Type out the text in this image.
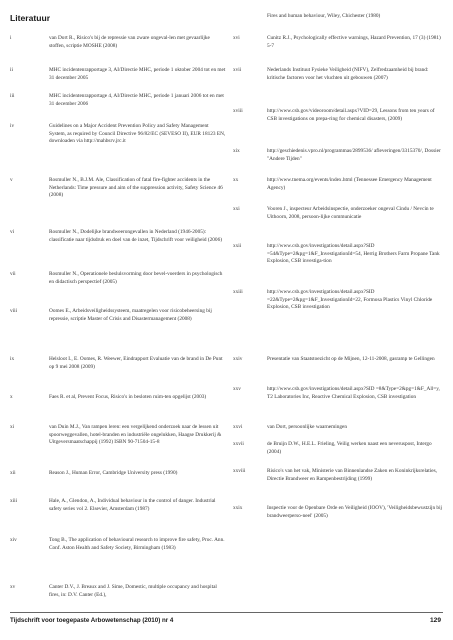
Literatuur
i	van Dort R., Risico's bij de repressie van zware ongeval-len met gevaarlijke stoffen, scriptie MOSHE (2008)
ii	MHC incidentenrapportage 3, AI/Directie MHC, periode 1 oktober 2004 tot en met 31 december 2005
iii	MHC incidentenrapportage 4, AI/Directie MHC, periode 1 januari 2006 tot en met 31 december 2006
iv	Guidelines on a Major Accident Prevention Policy and Safety Management System, as required by Council Directive 96/82/EC (SEVESO II), EUR 18123 EN, downloaden via http://mahbsrv.jrc.it
v	Rosmuller N., B.J.M. Ale, Classification of fatal fire-fighter accidents in the Netherlands: Time pressure and aim of the suppression activity, Safety Science 46 (2008)
vi	Rosmuller N., Dodelijke brandweerongevallen in Nederland (1946-2005): classificatie naar tijdsdruk en doel van de inzet, Tijdschrift voor veiligheid (2006)
vii	Rosmuller N., Operationele beslulsvorming door bevel-voerders in psychologisch en didactisch perspectief (2005)
viii	Oomes E., Arbeidsveiligheidssysteem, maatregelen voor risicobeheersing bij repressie, scriptie Master of Crisis and Disastermanagement (2008)
ix	Helsloot I., E. Oomes, R. Weewer, Eindrapport Evaluatie van de brand in De Punt op 9 mei 2008 (2009)
x	Faes R. et al, Prevent Focus, Risico's in besloten ruim-ten opgelijst (2003)
xi	van Duin M.J., Van rampen leren: een vergelijkend onderzoek naar de lessen uit spoorweggevallen, hotel-branden en industriële ongelukken, Haagse Drukkerij & Uitgeversmaatschappij (1992) ISBN 90-71504-15-8
xii	Reason J., Human Error, Cambridge University press (1990)
xiii	Hale, A., Glendon, A., Individual behaviour in the control of danger. Industrial safety series vol 2. Elsevier, Amsterdam (1987)
xiv	Tong B., The application of behavioural research to improve fire safety, Proc. Ann. Conf. Aston Health and Safety Society, Birmingham (1983)
xv	Canter D.V., J. Breaux and J. Sime, Domestic, multiple occupancy and hospital fires, in: D.V. Canter (Ed.),
Fires and human behaviour, Wiley, Chichester (1980)
xvi	Cunitz R.J., Psychologically effective warnings, Hazard Prevention, 17 (3) (1981) 5-7
xvii	Nederlands Instituut Fysieke Veiligheid (NIFV), Zelfredzaamheid bij brand: kritische factoren voor het vluchten uit gebouwen (2007)
xviii	http://www.csb.gov/videoroom/detail.aspx?VID=29, Lessons from ten years of CSB investigations on prepa-ring for chemical disasters, (2009)
xix	http://geschiedenis.vpro.nl/programmas/2899536/ afleveringen/3315370/, Dossier "Andere Tijden"
xx	http://www.tnema.org/events/index.html (Tennessee Emergency Management Agency)
xxi	Vooren J., inspecteur Arbeidsinspectie, onderzoeker ongeval Cindu / Nevcin te Uithoorn, 2008, persoon-lijke communicatie
xxii	http://www.csb.gov/investigations/detail.aspx?SID =54&Type=2&pg=1&F_InvestigationId=54, Herrig Brothers Farm Propane Tank Explosion, CSB investiga-tion
xxiii	http://www.csb.gov/investigations/detail.aspx?SID =22&Type=2&pg=1&F_InvestigationId=22, Formosa Plastics Vinyl Chloride Explosion, CSB investigation
xxiv	Presentatie van Staatstoezicht op de Mijnen, 12-11-2008, gasramp te Gellingen
xxv	http://www.csb.gov/investigations/detail.aspx?SID =8&Type=2&pg=1&F_All=y, T2 Laboratories Inc, Reactive Chemical Explosion, CSB investigation
xxvi	van Dort, persoonlijke waarnemingen
xxvii	de Bruijn D.W., H.E.L. Frieling, Veilig werken naast een neveruspost, Intergo (2004)
xxviii	Risico's van het vak, Ministerie van Binnenlandse Zaken en Koninkrijksrelaties, Directie Brandweer en Rampenbestrijding (1999)
xxix	Inspectie voor de Openbare Orde en Veiligheid (IOOV), 'Veiligheidsbewustzijn bij brandweerperso-neel' (2005)
Tijdschrift voor toegepaste Arbowetenschap (2010) nr 4	129
